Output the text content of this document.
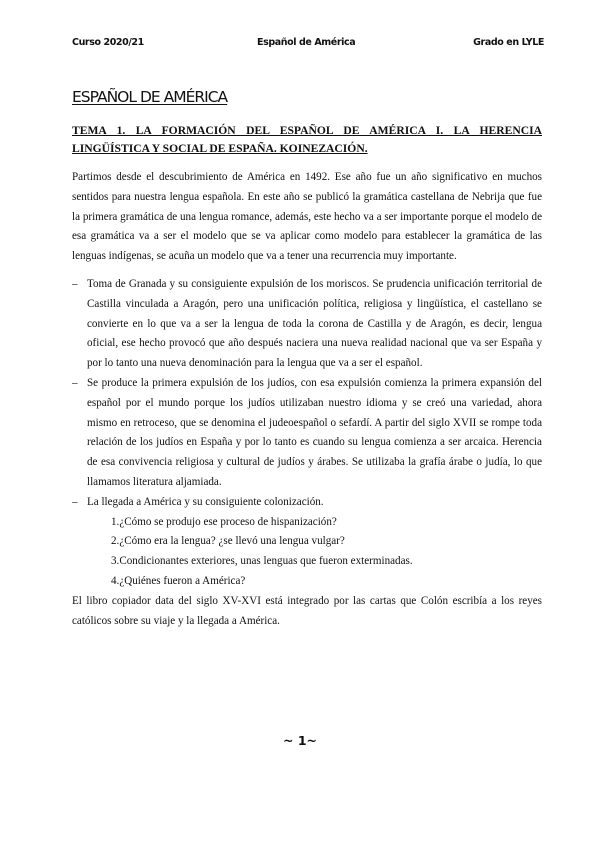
Curso 2020/21	Español de América	Grado en LYLE
ESPAÑOL DE AMÉRICA

TEMA 1. LA FORMACIÓN DEL ESPAÑOL DE AMÉRICA I. LA HERENCIA LINGÜÍSTICA Y SOCIAL DE ESPAÑA. KOINEZACIÓN.

Partimos desde el descubrimiento de América en 1492. Ese año fue un año significativo en muchos sentidos para nuestra lengua española. En este año se publicó la gramática castellana de Nebrija que fue la primera gramática de una lengua romance, además, este hecho va a ser importante porque el modelo de esa gramática va a ser el modelo que se va aplicar como modelo para establecer la gramática de las lenguas indígenas, se acuña un modelo que va a tener una recurrencia muy importante.

– Toma de Granada y su consiguiente expulsión de los moriscos. Se prudencia unificación territorial de Castilla vinculada a Aragón, pero una unificación política, religiosa y lingüística, el castellano se convierte en lo que va a ser la lengua de toda la corona de Castilla y de Aragón, es decir, lengua oficial, ese hecho provocó que año después naciera una nueva realidad nacional que va ser España y por lo tanto una nueva denominación para la lengua que va a ser el español.
– Se produce la primera expulsión de los judíos, con esa expulsión comienza la primera expansión del español por el mundo porque los judíos utilizaban nuestro idioma y se creó una variedad, ahora mismo en retroceso, que se denomina el judeoespañol o sefardí. A partir del siglo XVII se rompe toda relación de los judíos en España y por lo tanto es cuando su lengua comienza a ser arcaica. Herencia de esa convivencia religiosa y cultural de judíos y árabes. Se utilizaba la grafía árabe o judía, lo que llamamos literatura aljamiada.
– La llegada a América y su consiguiente colonización.
1.¿Cómo se produjo ese proceso de hispanización?
2.¿Cómo era la lengua? ¿se llevó una lengua vulgar?
3.Condicionantes exteriores, unas lenguas que fueron exterminadas.
4.¿Quiénes fueron a América?

El libro copiador data del siglo XV-XVI está integrado por las cartas que Colón escribía a los reyes católicos sobre su viaje y la llegada a América.

~ 1~
